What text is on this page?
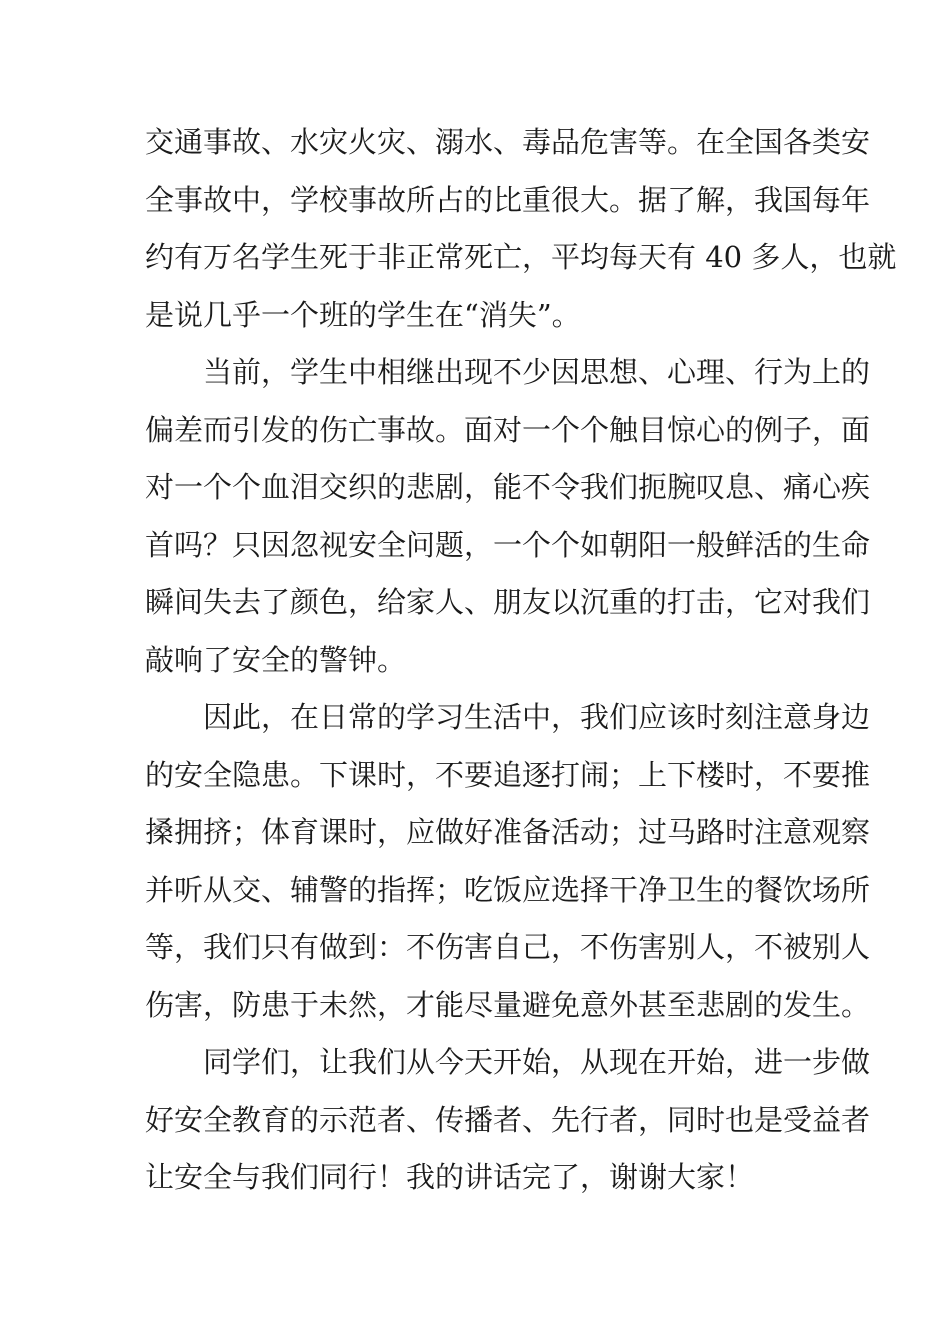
交通事故、水灾火灾、溺水、毒品危害等。在全国各类安
全事故中，学校事故所占的比重很大。据了解，我国每年
约有万名学生死于非正常死亡，平均每天有 40 多人，也就
是说几乎一个班的学生在“消失”。
当前，学生中相继出现不少因思想、心理、行为上的
偏差而引发的伤亡事故。面对一个个触目惊心的例子，面
对一个个血泪交织的悲剧，能不令我们扼腕叹息、痛心疾
首吗？只因忽视安全问题，一个个如朝阳一般鲜活的生命
瞬间失去了颜色，给家人、朋友以沉重的打击，它对我们
敲响了安全的警钟。
因此，在日常的学习生活中，我们应该时刻注意身边
的安全隐患。下课时，不要追逐打闹；上下楼时，不要推
搡拥挤；体育课时，应做好准备活动；过马路时注意观察
并听从交、辅警的指挥；吃饭应选择干净卫生的餐饮场所
等，我们只有做到：不伤害自己，不伤害别人，不被别人
伤害，防患于未然，才能尽量避免意外甚至悲剧的发生。
同学们，让我们从今天开始，从现在开始，进一步做
好安全教育的示范者、传播者、先行者，同时也是受益者
让安全与我们同行！我的讲话完了，谢谢大家！
